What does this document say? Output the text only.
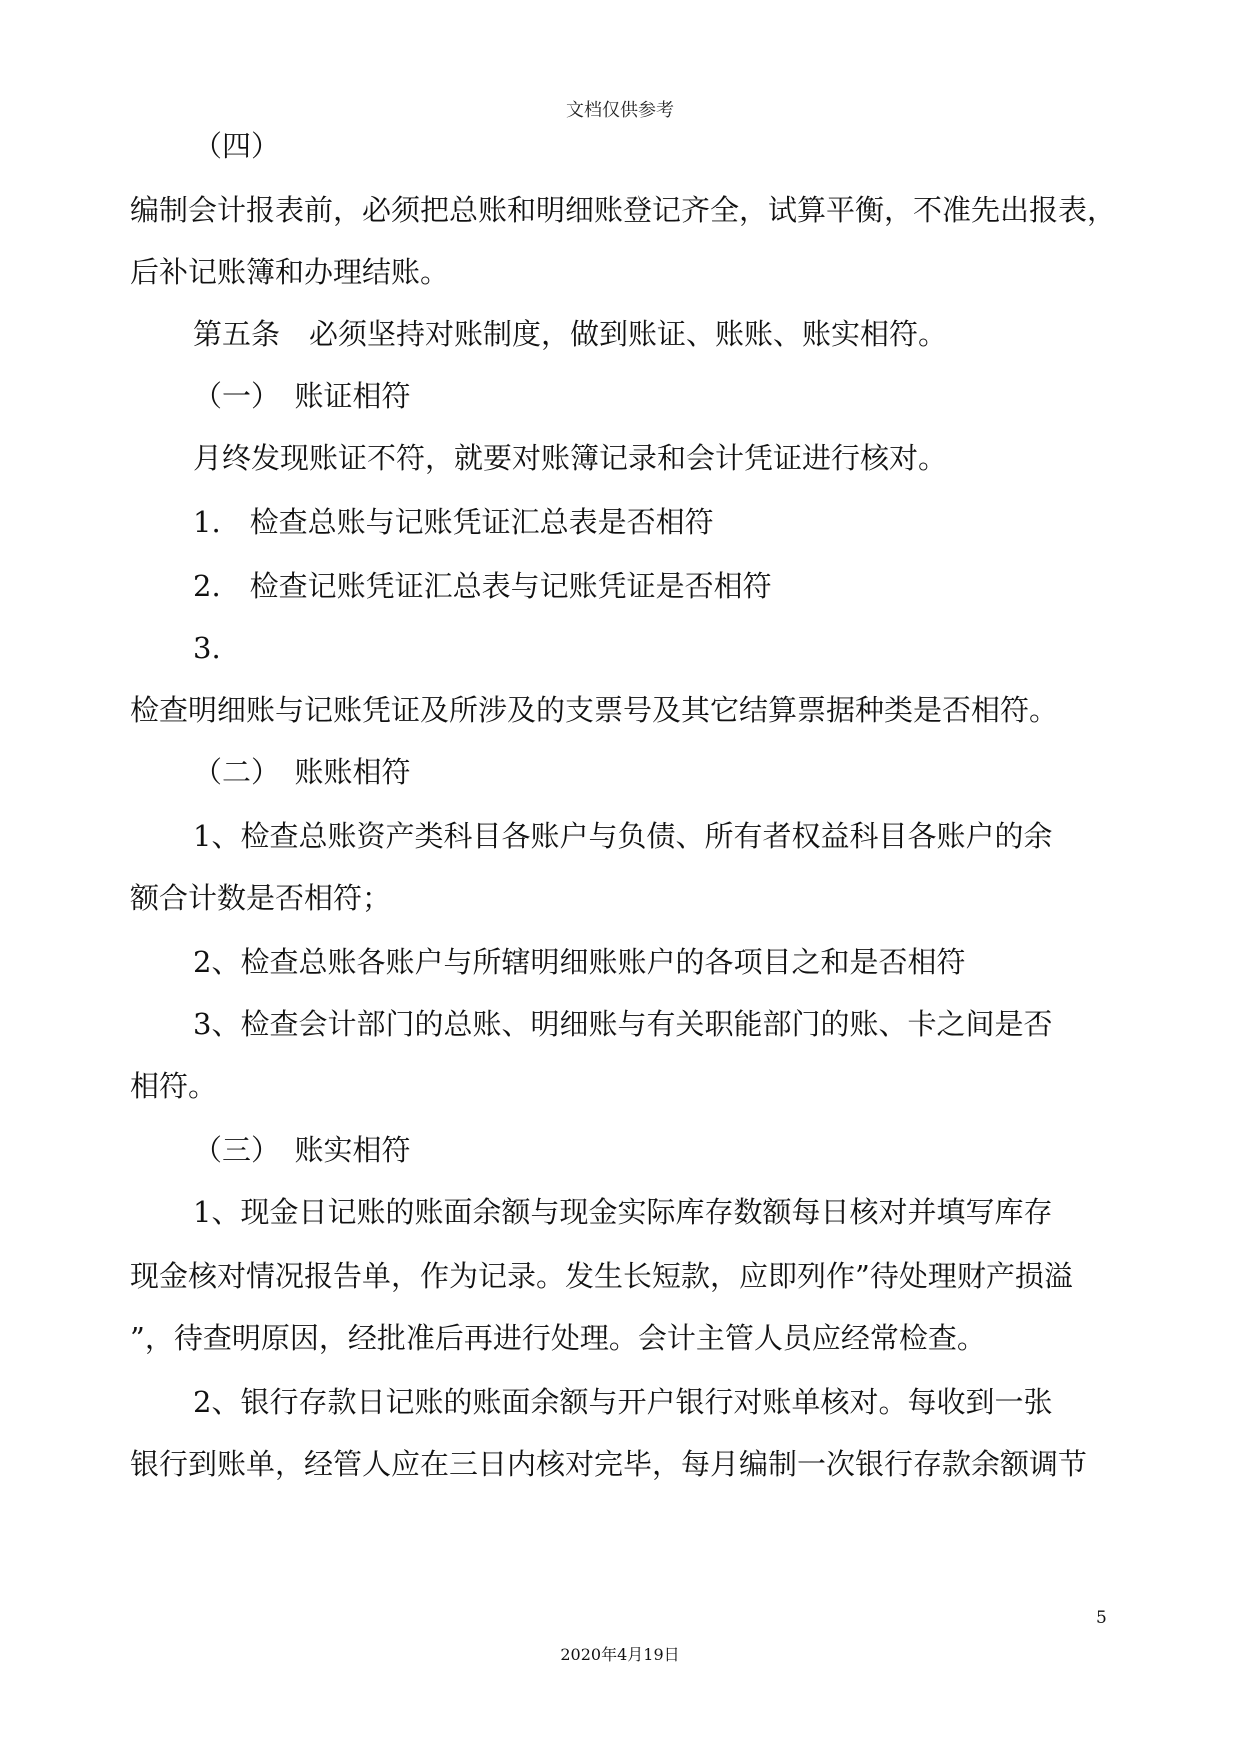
文档仅供参考
（四）
编制会计报表前，必须把总账和明细账登记齐全，试算平衡，不准先出报表，
后补记账簿和办理结账。
第五条　必须坚持对账制度，做到账证、账账、账实相符。
（一）　账证相符
月终发现账证不符，就要对账簿记录和会计凭证进行核对。
1.　检查总账与记账凭证汇总表是否相符
2.　检查记账凭证汇总表与记账凭证是否相符
3.
检查明细账与记账凭证及所涉及的支票号及其它结算票据种类是否相符。
（二）　账账相符
1、检查总账资产类科目各账户与负债、所有者权益科目各账户的余
额合计数是否相符；
2、检查总账各账户与所辖明细账账户的各项目之和是否相符
3、检查会计部门的总账、明细账与有关职能部门的账、卡之间是否
相符。
（三）　账实相符
1、现金日记账的账面余额与现金实际库存数额每日核对并填写库存
现金核对情况报告单，作为记录。发生长短款，应即列作”待处理财产损溢
”，待查明原因，经批准后再进行处理。会计主管人员应经常检查。
2、银行存款日记账的账面余额与开户银行对账单核对。每收到一张
银行到账单，经管人应在三日内核对完毕，每月编制一次银行存款余额调节
5
2020年4月19日
